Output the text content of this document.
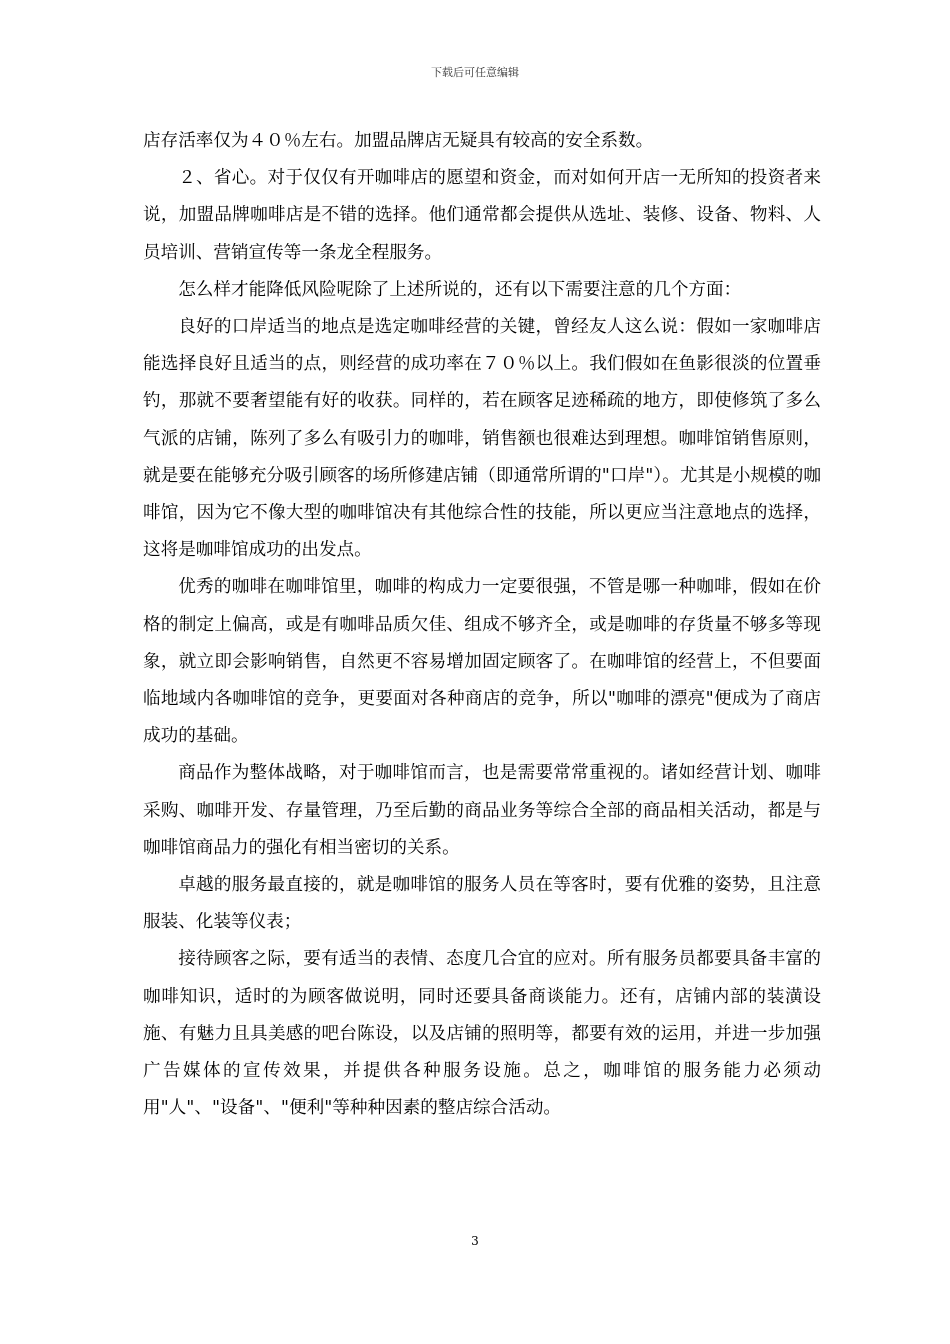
下载后可任意编辑

店存活率仅为４０％左右。加盟品牌店无疑具有较高的安全系数。

２、省心。对于仅仅有开咖啡店的愿望和资金，而对如何开店一无所知的投资者来说，加盟品牌咖啡店是不错的选择。他们通常都会提供从选址、装修、设备、物料、人员培训、营销宣传等一条龙全程服务。

怎么样才能降低风险呢除了上述所说的，还有以下需要注意的几个方面：

良好的口岸适当的地点是选定咖啡经营的关键，曾经友人这么说：假如一家咖啡店能选择良好且适当的点，则经营的成功率在７０％以上。我们假如在鱼影很淡的位置垂钓，那就不要奢望能有好的收获。同样的，若在顾客足迹稀疏的地方，即使修筑了多么气派的店铺，陈列了多么有吸引力的咖啡，销售额也很难达到理想。咖啡馆销售原则，就是要在能够充分吸引顾客的场所修建店铺（即通常所谓的"口岸"）。尤其是小规模的咖啡馆，因为它不像大型的咖啡馆决有其他综合性的技能，所以更应当注意地点的选择，这将是咖啡馆成功的出发点。

优秀的咖啡在咖啡馆里，咖啡的构成力一定要很强，不管是哪一种咖啡，假如在价格的制定上偏高，或是有咖啡品质欠佳、组成不够齐全，或是咖啡的存货量不够多等现象，就立即会影响销售，自然更不容易增加固定顾客了。在咖啡馆的经营上，不但要面临地域内各咖啡馆的竞争，更要面对各种商店的竞争，所以"咖啡的漂亮"便成为了商店成功的基础。

商品作为整体战略，对于咖啡馆而言，也是需要常常重视的。诸如经营计划、咖啡采购、咖啡开发、存量管理，乃至后勤的商品业务等综合全部的商品相关活动，都是与咖啡馆商品力的强化有相当密切的关系。

卓越的服务最直接的，就是咖啡馆的服务人员在等客时，要有优雅的姿势，且注意服装、化装等仪表；

接待顾客之际，要有适当的表情、态度几合宜的应对。所有服务员都要具备丰富的咖啡知识，适时的为顾客做说明，同时还要具备商谈能力。还有，店铺内部的装潢设施、有魅力且具美感的吧台陈设，以及店铺的照明等，都要有效的运用，并进一步加强广告媒体的宣传效果，并提供各种服务设施。总之，咖啡馆的服务能力必须动用"人"、"设备"、"便利"等种种因素的整店综合活动。

3
